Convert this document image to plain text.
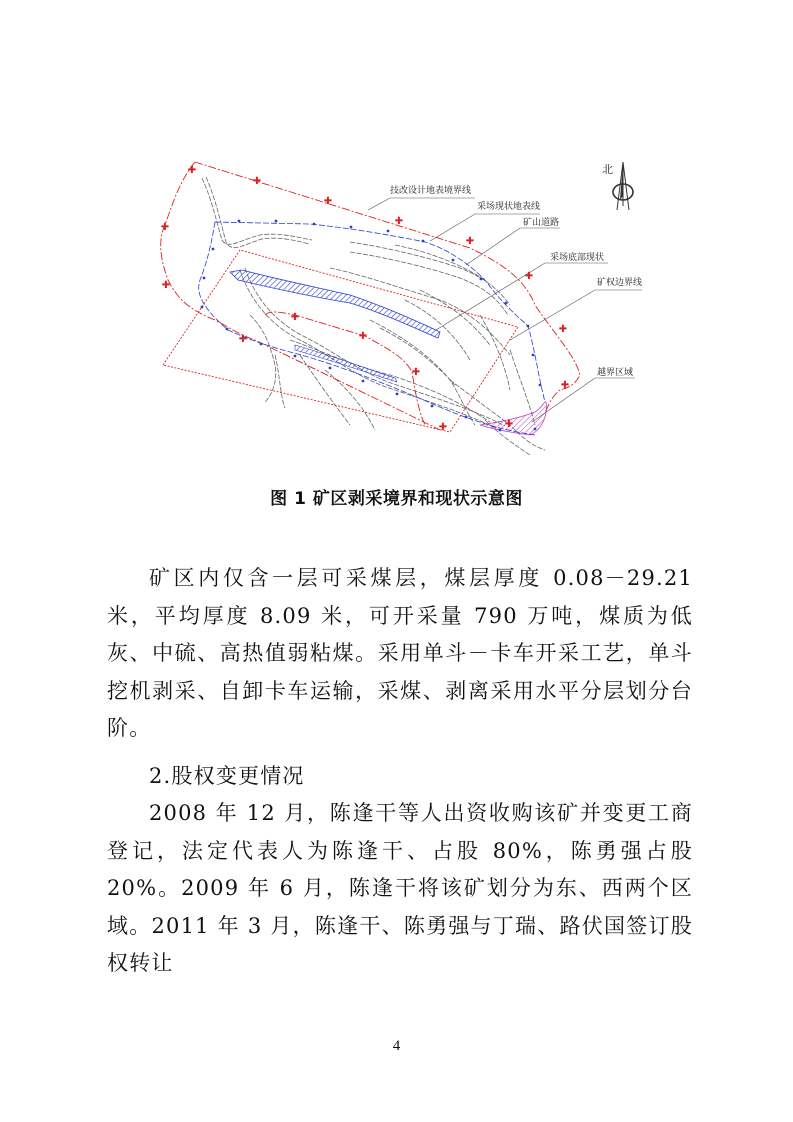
✚
✚
✚
✚
✚
✚
✚
✚
✚
✚
✚
✚
✚
✚
✚	✚
技改设计地表境界线
采场现状地表线
矿山道路
采场底部现状
矿权边界线
越界区域
北
图 1 矿区剥采境界和现状示意图
矿区内仅含一层可采煤层，煤层厚度 0.08－29.21 米，平均厚度 8.09 米，可开采量 790 万吨，煤质为低灰、中硫、高热值弱粘煤。采用单斗－卡车开采工艺，单斗挖机剥采、自卸卡车运输，采煤、剥离采用水平分层划分台阶。
2.股权变更情况
2008 年 12 月，陈逢干等人出资收购该矿并变更工商登记，法定代表人为陈逢干、占股 80%，陈勇强占股 20%。2009 年 6 月，陈逢干将该矿划分为东、西两个区域。2011 年 3 月，陈逢干、陈勇强与丁瑞、路伏国签订股权转让
4
